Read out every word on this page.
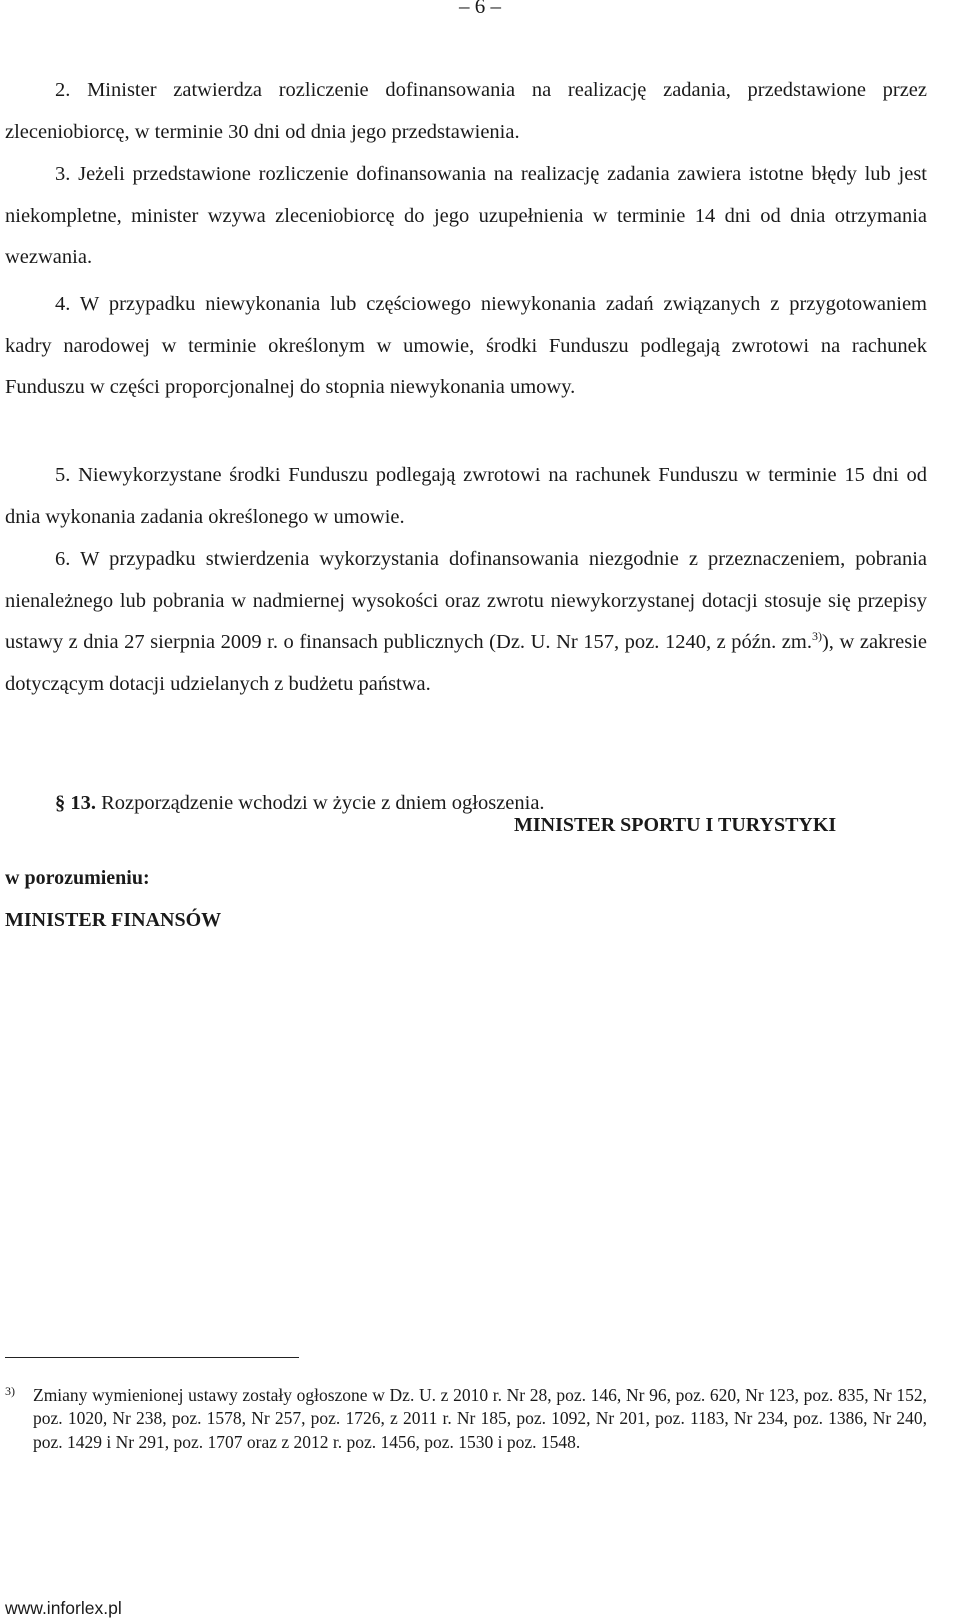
– 6 –

2. Minister zatwierdza rozliczenie dofinansowania na realizację zadania, przedstawione przez zleceniobiorcę, w terminie 30 dni od dnia jego przedstawienia.

3. Jeżeli przedstawione rozliczenie dofinansowania na realizację zadania zawiera istotne błędy lub jest niekompletne, minister wzywa zleceniobiorcę do jego uzupełnienia w terminie 14 dni od dnia otrzymania wezwania.

4. W przypadku niewykonania lub częściowego niewykonania zadań związanych z przygotowaniem kadry narodowej w terminie określonym w umowie, środki Funduszu podlegają zwrotowi na rachunek Funduszu w części proporcjonalnej do stopnia niewykonania umowy.

5. Niewykorzystane środki Funduszu podlegają zwrotowi na rachunek Funduszu w terminie 15 dni od dnia wykonania zadania określonego w umowie.

6. W przypadku stwierdzenia wykorzystania dofinansowania niezgodnie z przeznaczeniem, pobrania nienależnego lub pobrania w nadmiernej wysokości oraz zwrotu niewykorzystanej dotacji stosuje się przepisy ustawy z dnia 27 sierpnia 2009 r. o finansach publicznych (Dz. U. Nr 157, poz. 1240, z późn. zm.$^{3)}$), w zakresie dotyczącym dotacji udzielanych z budżetu państwa.

§ 13. Rozporządzenie wchodzi w życie z dniem ogłoszenia.
MINISTER SPORTU I TURYSTYKI
w porozumieniu:
MINISTER FINANSÓW
3) Zmiany wymienionej ustawy zostały ogłoszone w Dz. U. z 2010 r. Nr 28, poz. 146, Nr 96, poz. 620, Nr 123, poz. 835, Nr 152, poz. 1020, Nr 238, poz. 1578, Nr 257, poz. 1726, z 2011 r. Nr 185, poz. 1092, Nr 201, poz. 1183, Nr 234, poz. 1386, Nr 240, poz. 1429 i Nr 291, poz. 1707 oraz z 2012 r. poz. 1456, poz. 1530 i poz. 1548.

www.inforlex.pl
